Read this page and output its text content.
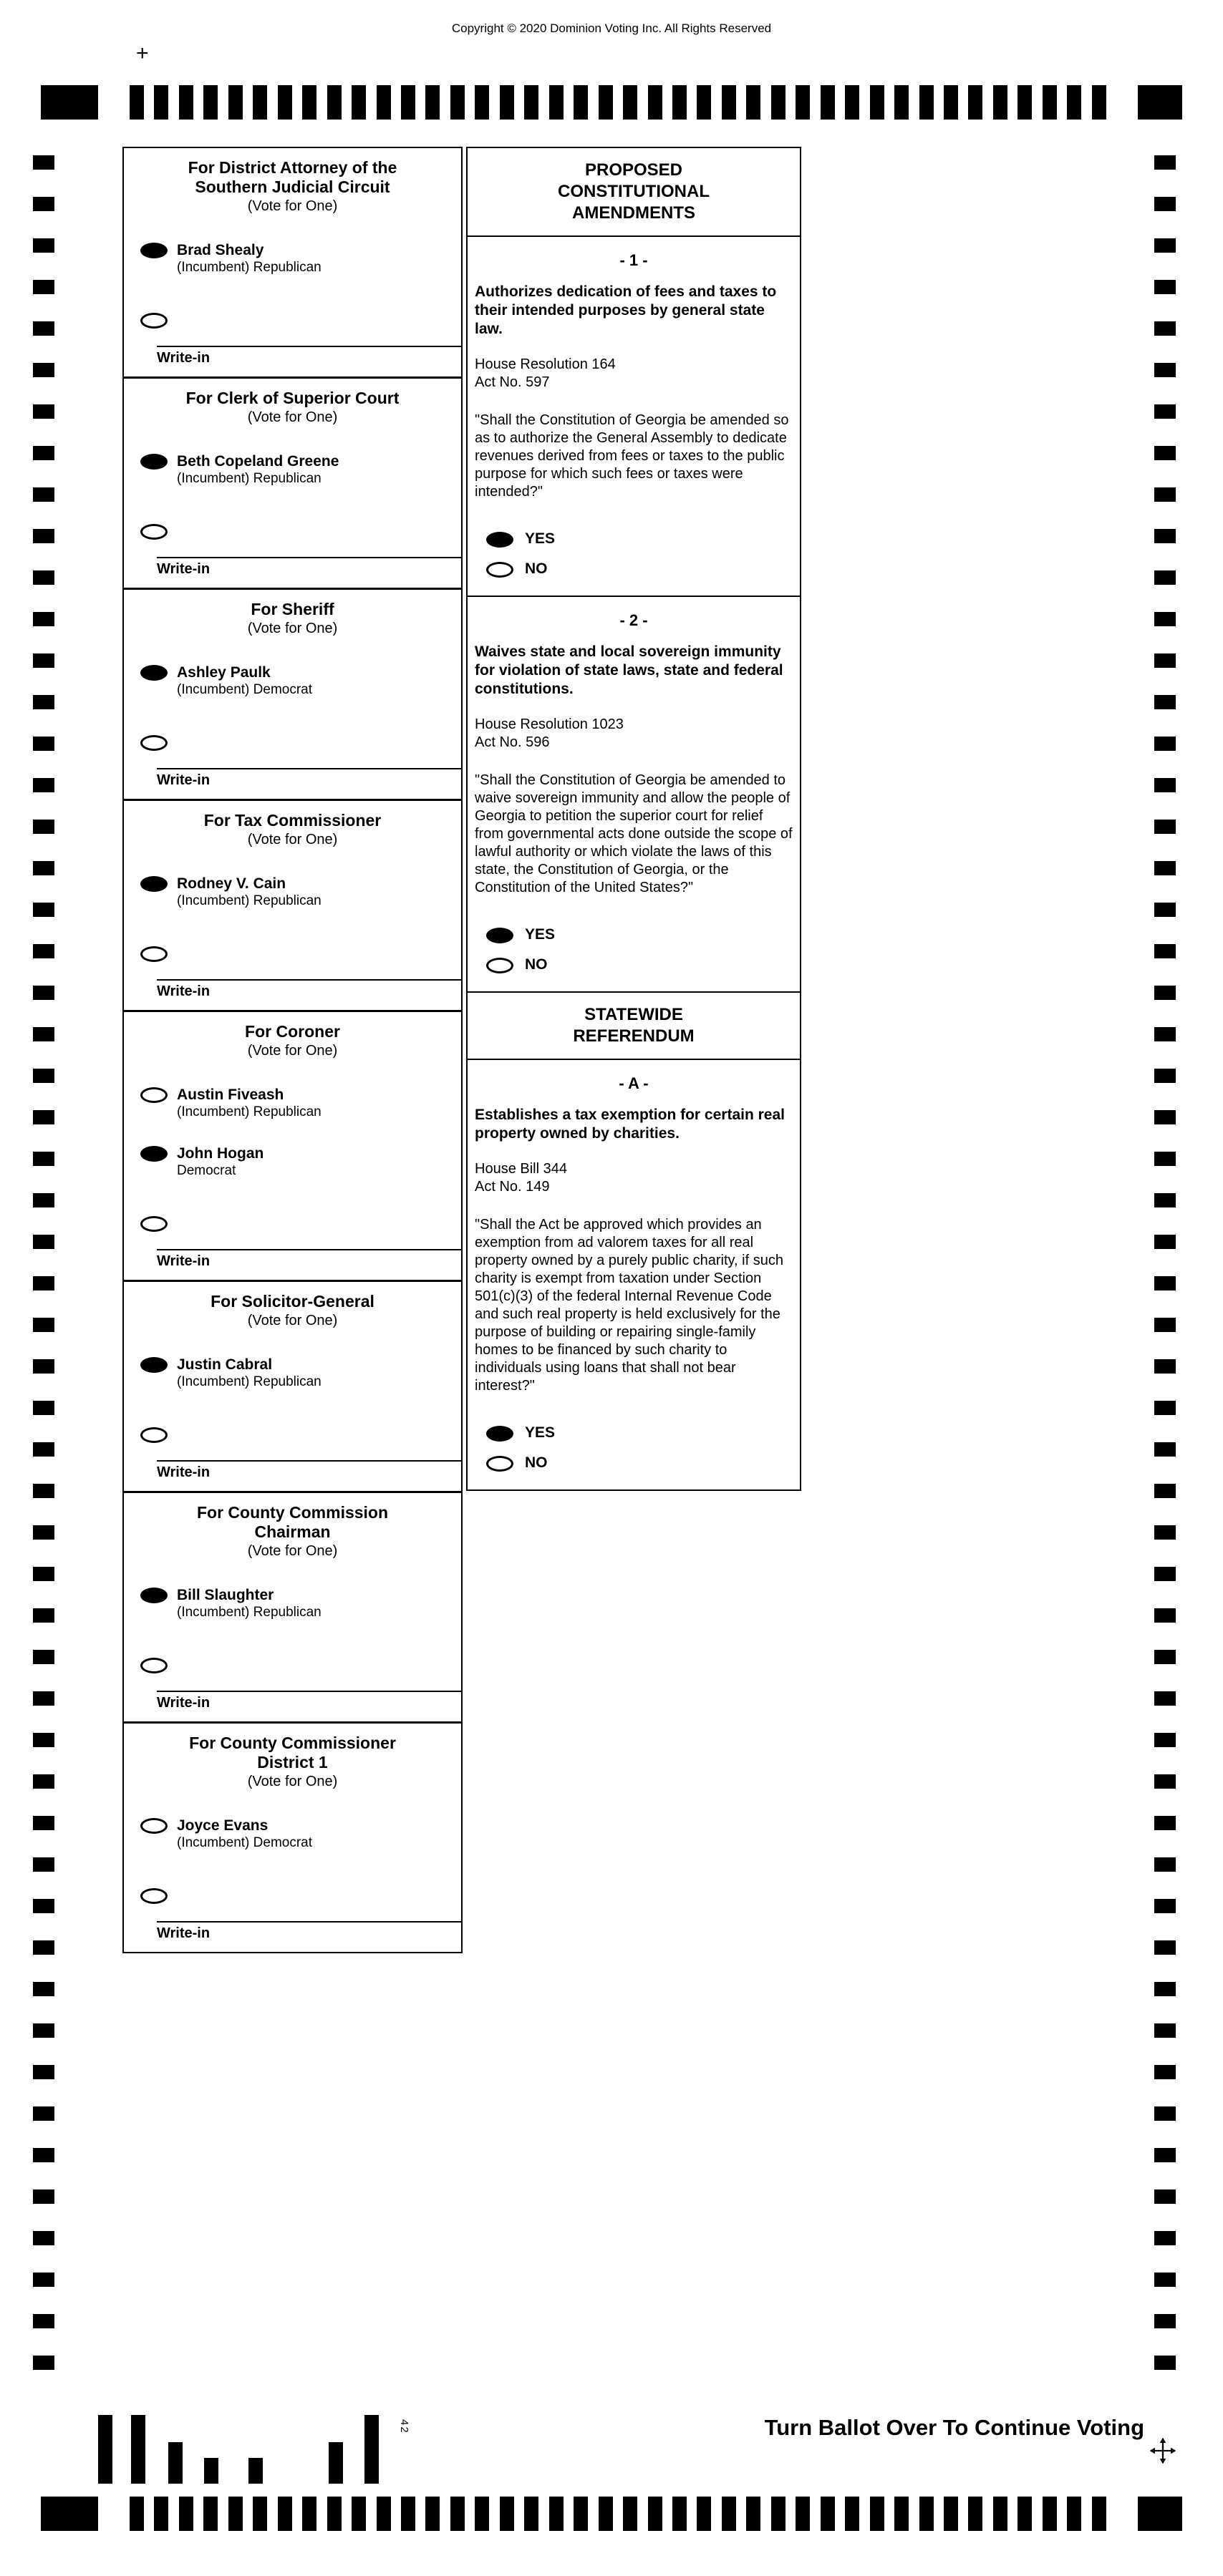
Copyright © 2020 Dominion Voting Inc. All Rights Reserved
+
For District Attorney of the
Southern Judicial Circuit
(Vote for One)
Brad Shealy
(Incumbent) Republican
Write-in
For Clerk of Superior Court
(Vote for One)
Beth Copeland Greene
(Incumbent) Republican
Write-in
For Sheriff
(Vote for One)
Ashley Paulk
(Incumbent) Democrat
Write-in
For Tax Commissioner
(Vote for One)
Rodney V. Cain
(Incumbent) Republican
Write-in
For Coroner
(Vote for One)
Austin Fiveash
(Incumbent) Republican
John Hogan
Democrat
Write-in
For Solicitor-General
(Vote for One)
Justin Cabral
(Incumbent) Republican
Write-in
For County Commission
Chairman
(Vote for One)
Bill Slaughter
(Incumbent) Republican
Write-in
For County Commissioner
District 1
(Vote for One)
Joyce Evans
(Incumbent) Democrat
Write-in
PROPOSED
CONSTITUTIONAL
AMENDMENTS
- 1 -
Authorizes dedication of fees and taxes to their intended purposes by general state law.
House Resolution 164
Act No. 597
"Shall the Constitution of Georgia be amended so as to authorize the General Assembly to dedicate revenues derived from fees or taxes to the public purpose for which such fees or taxes were intended?"
YES
NO
- 2 -
Waives state and local sovereign immunity for violation of state laws, state and federal constitutions.
House Resolution 1023
Act No. 596
"Shall the Constitution of Georgia be amended to waive sovereign immunity and allow the people of Georgia to petition the superior court for relief from governmental acts done outside the scope of lawful authority or which violate the laws of this state, the Constitution of Georgia, or the Constitution of the United States?"
YES
NO
STATEWIDE
REFERENDUM
- A -
Establishes a tax exemption for certain real property owned by charities.
House Bill 344
Act No. 149
"Shall the Act be approved which provides an exemption from ad valorem taxes for all real property owned by a purely public charity, if such charity is exempt from taxation under Section 501(c)(3) of the federal Internal Revenue Code and such real property is held exclusively for the purpose of building or repairing single-family homes to be financed by such charity to individuals using loans that shall not bear interest?"
YES
NO
42	Turn Ballot Over To Continue Voting
